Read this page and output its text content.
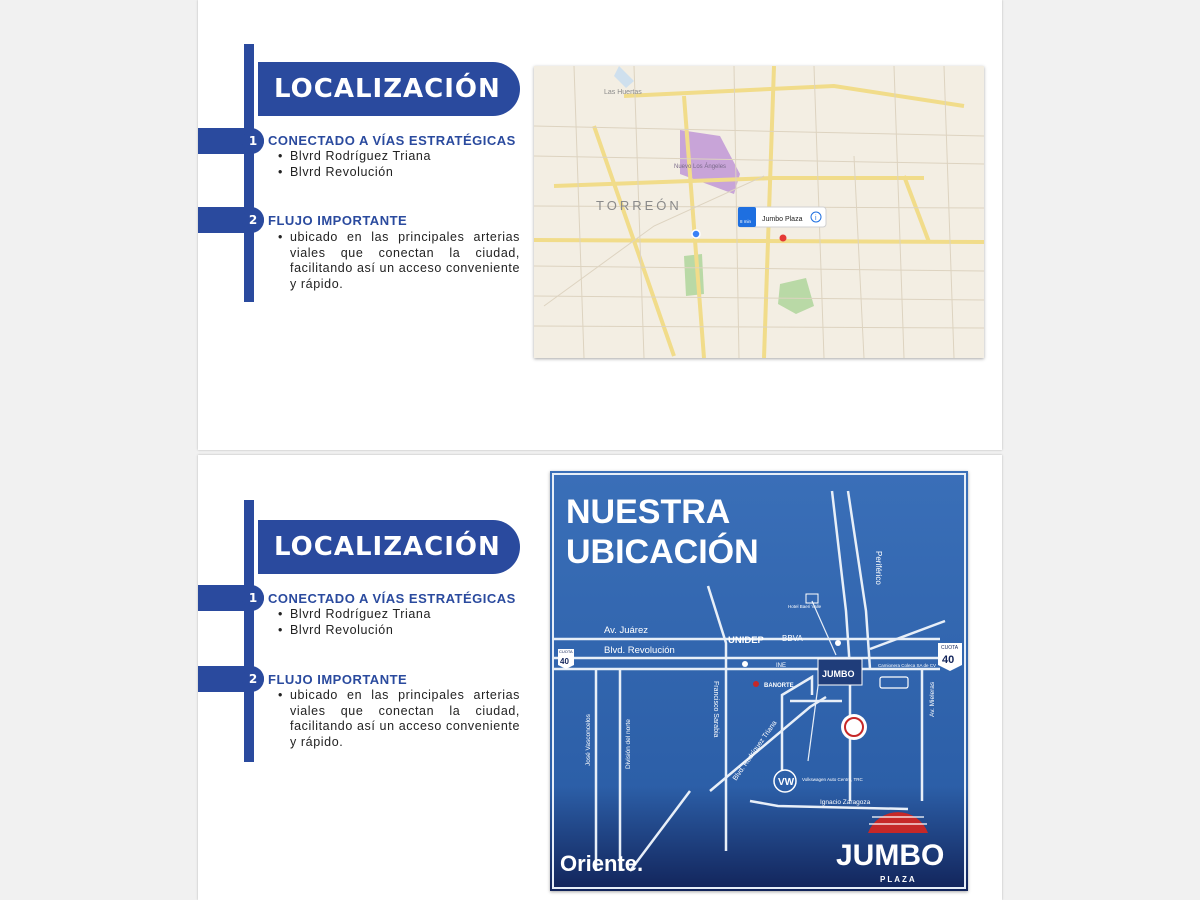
LOCALIZACIÓN
1 CONECTADO A VÍAS ESTRATÉGICAS
• Blvrd Rodríguez Triana
• Blvrd Revolución
2 FLUJO IMPORTANTE
• ubicado en las principales arterias viales que conectan la ciudad, facilitando así un acceso conveniente y rápido.
TORREÓN
Las Huertas
Nuevo Los Ángeles
8 min Jumbo Plaza i
LOCALIZACIÓN
1 CONECTADO A VÍAS ESTRATÉGICAS
• Blvrd Rodríguez Triana
• Blvrd Revolución
2 FLUJO IMPORTANTE
• ubicado en las principales arterias viales que conectan la ciudad, facilitando así un acceso conveniente y rápido.
NUESTRA
UBICACIÓN
Av. Juárez
Blvd. Revolución
Periférico
Francisco Sarabia
Blvd. Rodríguez Triana
José Vasconcelos	División del norte
Av. Mieleras
Ignacio Zaragoza
CUOTA
40
CUOTA
40
UNIDEP BBVA
Hotel Baeri Valle
INE
BANORTE
JUMBO
Camionera Coleca SA de CV
VW Volkswagen Auto Centro, TRC
Oriente.	JUMBO
PLAZA
